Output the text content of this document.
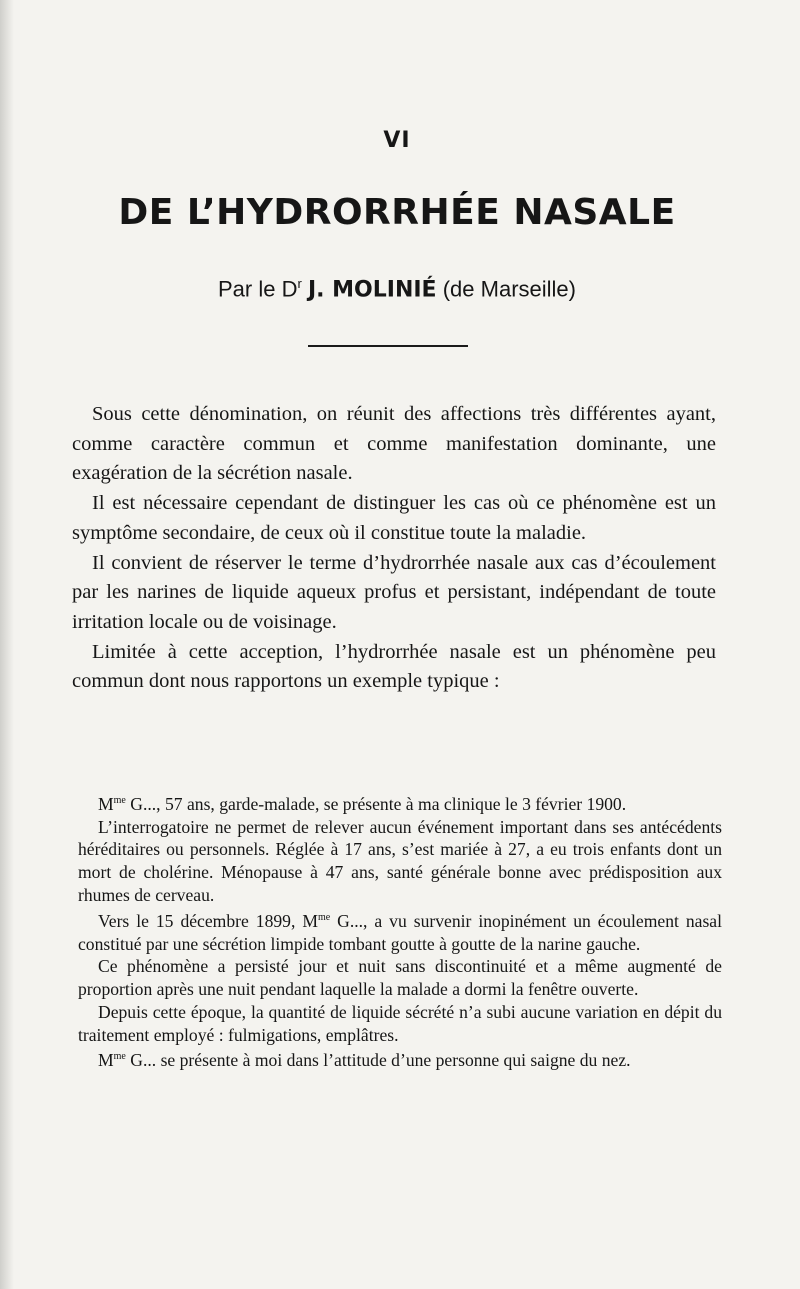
VI
DE L’HYDRORRHÉE NASALE
Par le $D^r$ J. MOLINIÉ (de Marseille)

Sous cette dénomination, on réunit des affections très différentes ayant, comme caractère commun et comme manifestation dominante, une exagération de la sécrétion nasale.

Il est nécessaire cependant de distinguer les cas où ce phénomène est un symptôme secondaire, de ceux où il constitue toute la maladie.

Il convient de réserver le terme d’hydrorrhée nasale aux cas d’écoulement par les narines de liquide aqueux profus et persistant, indépendant de toute irritation locale ou de voisinage.

Limitée à cette acception, l’hydrorrhée nasale est un phénomène peu commun dont nous rapportons un exemple typique :

$M^{me}$ G..., 57 ans, garde-malade, se présente à ma clinique le 3 février 1900.

L’interrogatoire ne permet de relever aucun événement important dans ses antécédents héréditaires ou personnels. Réglée à 17 ans, s’est mariée à 27, a eu trois enfants dont un mort de cholérine. Ménopause à 47 ans, santé générale bonne avec prédisposition aux rhumes de cerveau.

Vers le 15 décembre 1899, $M^{me}$ G..., a vu survenir inopinément un écoulement nasal constitué par une sécrétion limpide tombant goutte à goutte de la narine gauche.

Ce phénomène a persisté jour et nuit sans discontinuité et a même augmenté de proportion après une nuit pendant laquelle la malade a dormi la fenêtre ouverte.

Depuis cette époque, la quantité de liquide sécrété n’a subi aucune variation en dépit du traitement employé : fulmigations, emplâtres.

$M^{me}$ G... se présente à moi dans l’attitude d’une personne qui saigne du nez.
